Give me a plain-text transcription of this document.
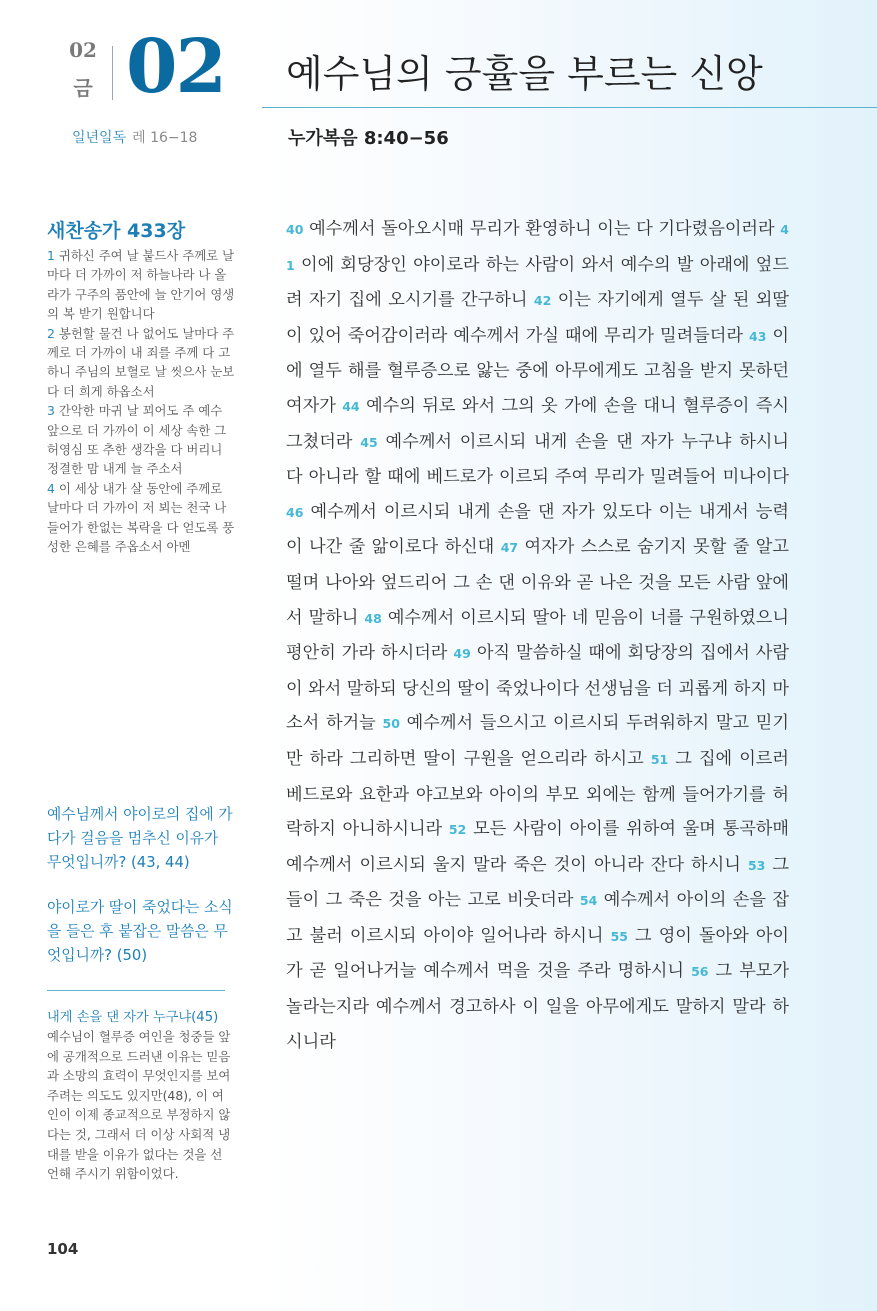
02
금 02 예수님의 긍휼을 부르는 신앙
일년일독 레 16−18	누가복음 8:40−56
새찬송가 433장
1 귀하신 주여 날 붙드사 주께로 날마다 더 가까이 저 하늘나라 나 올라가 구주의 품안에 늘 안기어 영생의 복 받기 원합니다
2 봉헌할 물건 나 없어도 날마다 주께로 더 가까이 내 죄를 주께 다 고하니 주님의 보혈로 날 씻으사 눈보다 더 희게 하옵소서
3 간악한 마귀 날 꾀어도 주 예수 앞으로 더 가까이 이 세상 속한 그 허영심 또 추한 생각을 다 버리니 정결한 맘 내게 늘 주소서
4 이 세상 내가 살 동안에 주께로 날마다 더 가까이 저 뵈는 천국 나 들어가 한없는 복락을 다 얻도록 풍성한 은혜를 주옵소서 아멘
예수님께서 야이로의 집에 가다가 걸음을 멈추신 이유가 무엇입니까? (43, 44)
야이로가 딸이 죽었다는 소식을 들은 후 붙잡은 말씀은 무엇입니까? (50)
내게 손을 댄 자가 누구냐(45)
예수님이 혈루증 여인을 청중들 앞에 공개적으로 드러낸 이유는 믿음과 소망의 효력이 무엇인지를 보여주려는 의도도 있지만(48), 이 여인이 이제 종교적으로 부정하지 않다는 것, 그래서 더 이상 사회적 냉대를 받을 이유가 없다는 것을 선언해 주시기 위함이었다.
104
40 예수께서 돌아오시매 무리가 환영하니 이는 다 기다렸음이러라 41 이에 회당장인 야이로라 하는 사람이 와서 예수의 발 아래에 엎드려 자기 집에 오시기를 간구하니 42 이는 자기에게 열두 살 된 외딸이 있어 죽어감이러라 예수께서 가실 때에 무리가 밀려들더라 43 이에 열두 해를 혈루증으로 앓는 중에 아무에게도 고침을 받지 못하던 여자가 44 예수의 뒤로 와서 그의 옷 가에 손을 대니 혈루증이 즉시 그쳤더라 45 예수께서 이르시되 내게 손을 댄 자가 누구냐 하시니 다 아니라 할 때에 베드로가 이르되 주여 무리가 밀려들어 미나이다 46 예수께서 이르시되 내게 손을 댄 자가 있도다 이는 내게서 능력이 나간 줄 앎이로다 하신대 47 여자가 스스로 숨기지 못할 줄 알고 떨며 나아와 엎드리어 그 손 댄 이유와 곧 나은 것을 모든 사람 앞에서 말하니 48 예수께서 이르시되 딸아 네 믿음이 너를 구원하였으니 평안히 가라 하시더라 49 아직 말씀하실 때에 회당장의 집에서 사람이 와서 말하되 당신의 딸이 죽었나이다 선생님을 더 괴롭게 하지 마소서 하거늘 50 예수께서 들으시고 이르시되 두려워하지 말고 믿기만 하라 그리하면 딸이 구원을 얻으리라 하시고 51 그 집에 이르러 베드로와 요한과 야고보와 아이의 부모 외에는 함께 들어가기를 허락하지 아니하시니라 52 모든 사람이 아이를 위하여 울며 통곡하매 예수께서 이르시되 울지 말라 죽은 것이 아니라 잔다 하시니 53 그들이 그 죽은 것을 아는 고로 비웃더라 54 예수께서 아이의 손을 잡고 불러 이르시되 아이야 일어나라 하시니 55 그 영이 돌아와 아이가 곧 일어나거늘 예수께서 먹을 것을 주라 명하시니 56 그 부모가 놀라는지라 예수께서 경고하사 이 일을 아무에게도 말하지 말라 하시니라
